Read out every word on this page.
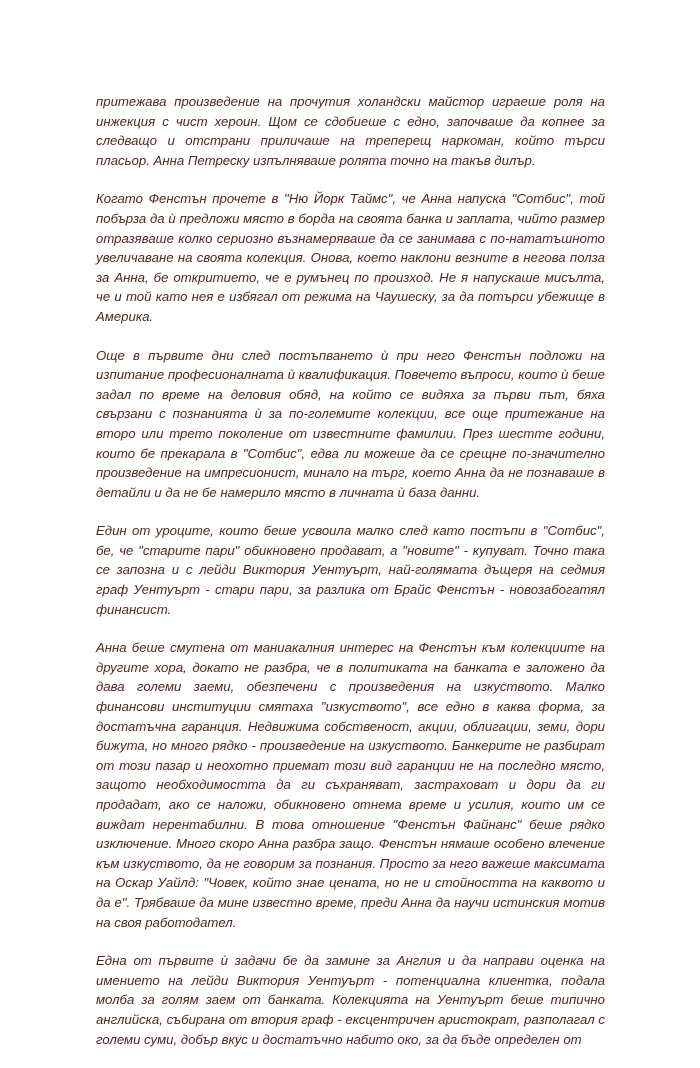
притежава произведение на прочутия холандски майстор играеше роля на инжекция с чист хероин. Щом се сдобиеше с едно, започваше да копнее за следващо и отстрани приличаше на треперещ наркоман, който търси пласьор. Анна Петреску изпълняваше ролята точно на такъв дилър.

Когато Фенстън прочете в "Ню Йорк Таймс", че Анна напуска "Сотбис", той побърза да ѝ предложи място в борда на своята банка и заплата, чийто размер отразяваше колко сериозно възнамеряваше да се занимава с по-нататъшното увеличаване на своята колекция. Онова, което наклони везните в негова полза за Анна, бе откритието, че е румънец по произход. Не я напускаше мисълта, че и той като нея е избягал от режима на Чаушеску, за да потърси убежище в Америка.

Още в първите дни след постъпването ѝ при него Фенстън подложи на изпитание професионалната ѝ квалификация. Повечето въпроси, които ѝ беше задал по време на деловия обяд, на който се видяха за първи път, бяха свързани с познанията ѝ за по-големите колекции, все още притежание на второ или трето поколение от известните фамилии. През шестте години, които бе прекарала в "Сотбис", едва ли можеше да се срещне по-значително произведение на импресионист, минало на търг, което Анна да не познаваше в детайли и да не бе намерило място в личната ѝ база данни.

Един от уроците, които беше усвоила малко след като постъпи в "Сотбис", бе, че "старите пари" обикновено продават, а "новите" - купуват. Точно така се запозна и с лейди Виктория Уентуърт, най-голямата дъщеря на седмия граф Уентуърт - стари пари, за разлика от Брайс Фенстън - новозабогатял финансист.

Анна беше смутена от маниакалния интерес на Фенстън към колекциите на другите хора, докато не разбра, че в политиката на банката е заложено да дава големи заеми, обезпечени с произведения на изкуството. Малко финансови институции смятаха "изкуството", все едно в каква форма, за достатъчна гаранция. Недвижима собственост, акции, облигации, земи, дори бижута, но много рядко - произведение на изкуството. Банкерите не разбират от този пазар и неохотно приемат този вид гаранции не на последно място, защото необходимостта да ги съхраняват, застраховат и дори да ги продадат, ако се наложи, обикновено отнема време и усилия, които им се виждат нерентабилни. В това отношение "Фенстън Файнанс" беше рядко изключение. Много скоро Анна разбра защо. Фенстън нямаше особено влечение към изкуството, да не говорим за познания. Просто за него важеше максимата на Оскар Уайлд: "Човек, който знае цената, но не и стойността на каквото и да е". Трябваше да мине известно време, преди Анна да научи истинския мотив на своя работодател.

Една от първите ѝ задачи бе да замине за Англия и да направи оценка на имението на лейди Виктория Уентуърт - потенциална клиентка, подала молба за голям заем от банката. Колекцията на Уентуърт беше типично английска, събирана от втория граф - ексцентричен аристократ, разполагал с големи суми, добър вкус и достатъчно набито око, за да бъде определен от
